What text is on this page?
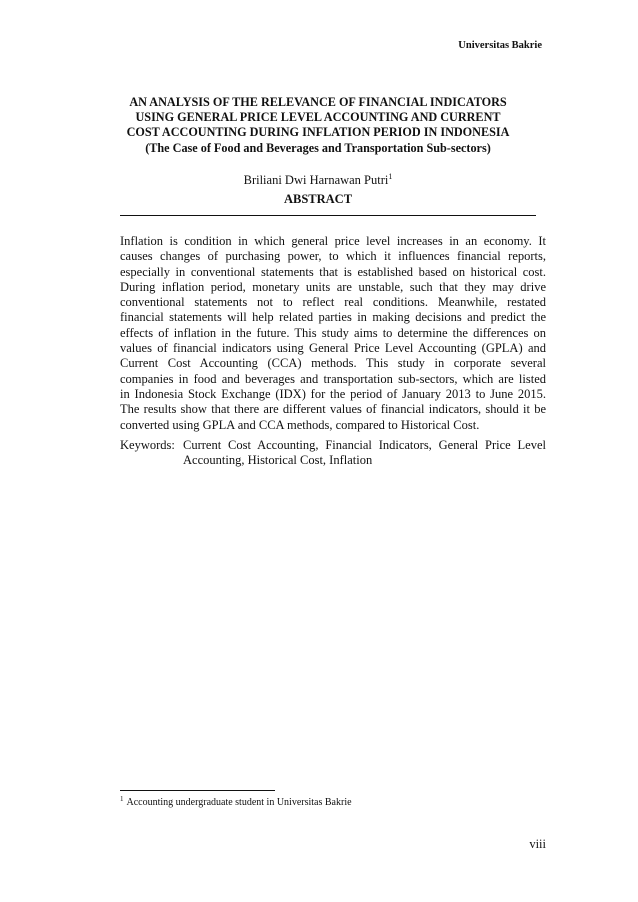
Universitas Bakrie
AN ANALYSIS OF THE RELEVANCE OF FINANCIAL INDICATORS
USING GENERAL PRICE LEVEL ACCOUNTING AND CURRENT
COST ACCOUNTING DURING INFLATION PERIOD IN INDONESIA
(The Case of Food and Beverages and Transportation Sub-sectors)
Briliani Dwi Harnawan Putri$^1$
ABSTRACT
Inflation is condition in which general price level increases in an economy. It
causes changes of purchasing power, to which it influences financial reports,
especially in conventional statements that is established based on historical cost.
During inflation period, monetary units are unstable, such that they may drive
conventional statements not to reflect real conditions. Meanwhile, restated
financial statements will help related parties in making decisions and predict the
effects of inflation in the future. This study aims to determine the differences on
values of financial indicators using General Price Level Accounting (GPLA) and
Current Cost Accounting (CCA) methods. This study in corporate several
companies in food and beverages and transportation sub-sectors, which are listed
in Indonesia Stock Exchange (IDX) for the period of January 2013 to June 2015.
The results show that there are different values of financial indicators, should it be
converted using GPLA and CCA methods, compared to Historical Cost.
Keywords: Current Cost Accounting, Financial Indicators, General Price Level
Accounting, Historical Cost, Inflation
$^1$ Accounting undergraduate student in Universitas Bakrie
viii
